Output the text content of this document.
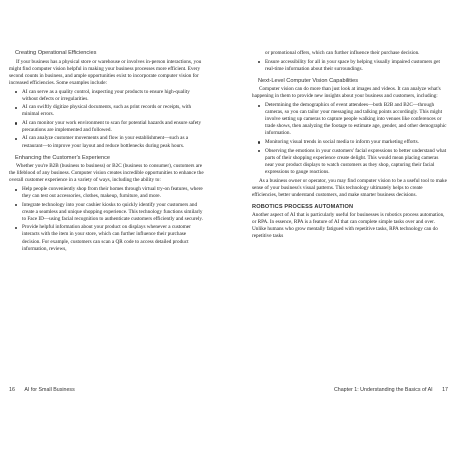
Creating Operational Efficiencies

If your business has a physical store or warehouse or involves in-person interactions, you might find computer vision helpful in making your business processes more efficient. Every second counts in business, and ample opportunities exist to incorporate computer vision for increased efficiencies. Some examples include:

AI can serve as a quality control, inspecting your products to ensure high-quality without defects or irregularities.
AI can swiftly digitize physical documents, such as print records or receipts, with minimal errors.
AI can monitor your work environment to scan for potential hazards and ensure safety precautions are implemented and followed.
AI can analyze customer movements and flow in your establishment—such as a restaurant—to improve your layout and reduce bottlenecks during peak hours.
Enhancing the Customer's Experience

Whether you're B2B (business to business) or B2C (business to consumer), customers are the lifeblood of any business. Computer vision creates incredible opportunities to enhance the overall customer experience in a variety of ways, including the ability to:

Help people conveniently shop from their homes through virtual try-on features, where they can test out accessories, clothes, makeup, furniture, and more.
Integrate technology into your cashier kiosks to quickly identify your customers and create a seamless and unique shopping experience. This technology functions similarly to Face ID—using facial recognition to authenticate customers efficiently and securely.
Provide helpful information about your product on displays whenever a customer interacts with the item in your store, which can further influence their purchase decision. For example, customers can scan a QR code to access detailed product information, reviews,
or promotional offers, which can further influence their purchase decision.
Ensure accessibility for all in your space by helping visually impaired customers get real-time information about their surroundings.
Next-Level Computer Vision Capabilities

Computer vision can do more than just look at images and videos. It can analyze what's happening in them to provide new insights about your business and customers, including:

Determining the demographics of event attendees—both B2B and B2C—through cameras, so you can tailor your messaging and talking points accordingly. This might involve setting up cameras to capture people walking into venues like conferences or trade shows, then analyzing the footage to estimate age, gender, and other demographic information.
Monitoring visual trends in social media to inform your marketing efforts.
Observing the emotions in your customers' facial expressions to better understand what parts of their shopping experience create delight. This would mean placing cameras near your product displays to watch customers as they shop, capturing their facial expressions to gauge reactions.

As a business owner or operator, you may find computer vision to be a useful tool to make sense of your business's visual patterns. This technology ultimately helps to create efficiencies, better understand customers, and make smarter business decisions.

ROBOTICS PROCESS AUTOMATION

Another aspect of AI that is particularly useful for businesses is robotics process automation, or RPA. In essence, RPA is a feature of AI that can complete simple tasks over and over. Unlike humans who grow mentally fatigued with repetitive tasks, RPA technology can do repetitive tasks

16 AI for Small Business	Chapter 1: Understanding the Basics of AI 17
